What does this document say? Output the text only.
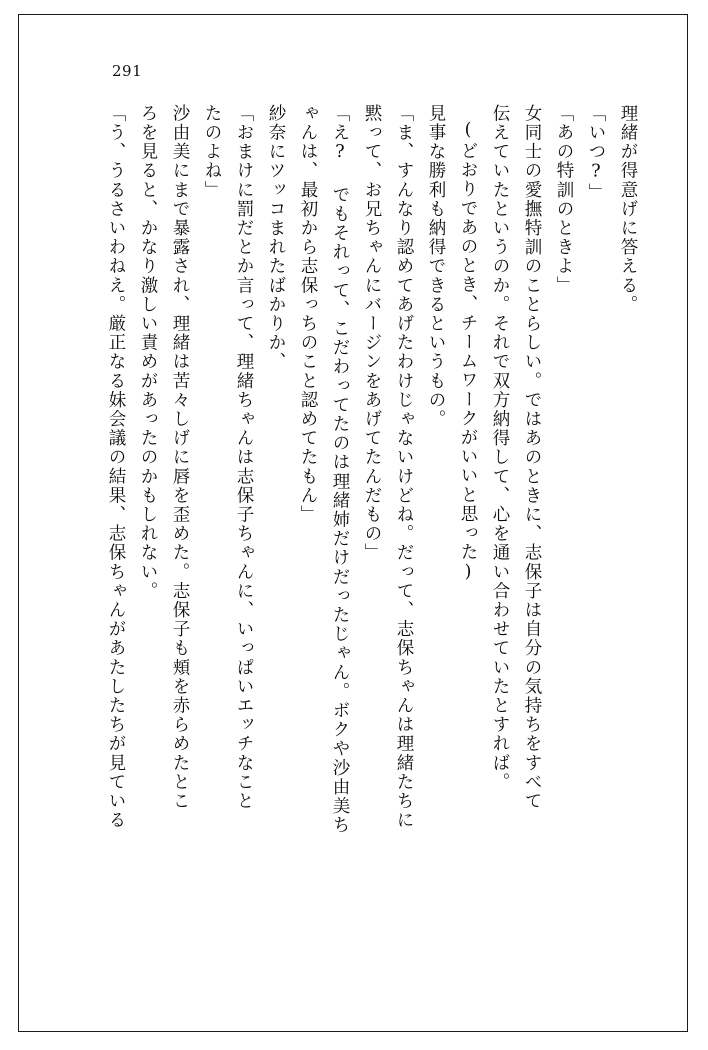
291
理緒が得意げに答える。
「いつ?」
「あの特訓のときよ」
女同士の愛撫特訓のことらしい。ではあのときに、志保子は自分の気持ちをすべて
伝えていたというのか。それで双方納得して、心を通い合わせていたとすれば。
(どおりであのとき、チームワークがいいと思った)
見事な勝利も納得できるというもの。
「ま、すんなり認めてあげたわけじゃないけどね。だって、志保ちゃんは理緒たちに
黙って、お兄ちゃんにバージンをあげてたんだもの」
「え? でもそれって、こだわってたのは理緒姉だけだったじゃん。ボクや沙由美ち
ゃんは、最初から志保っちのこと認めてたもん」
紗奈にツッコまれたばかりか、
「おまけに罰だとか言って、理緒ちゃんは志保子ちゃんに、いっぱいエッチなこと
たのよね」
沙由美にまで暴露され、理緒は苦々しげに唇を歪めた。志保子も頬を赤らめたとこ
ろを見ると、かなり激しい責めがあったのかもしれない。
「う、うるさいわねえ。厳正なる妹会議の結果、志保ちゃんがあたしたちが見ている
